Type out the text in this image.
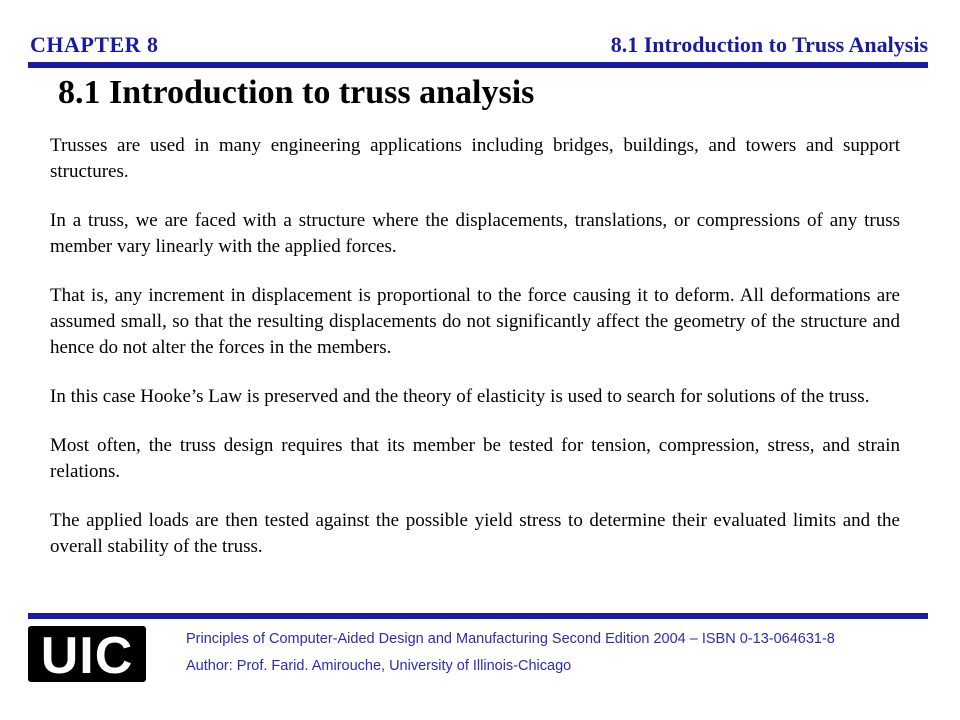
CHAPTER 8	8.1 Introduction to Truss Analysis
8.1 Introduction to truss analysis

Trusses are used in many engineering applications including bridges, buildings, and towers and support structures.

In a truss, we are faced with a structure where the displacements, translations, or compressions of any truss member vary linearly with the applied forces.

That is, any increment in displacement is proportional to the force causing it to deform. All deformations are assumed small, so that the resulting displacements do not significantly affect the geometry of the structure and hence do not alter the forces in the members.

In this case Hooke’s Law is preserved and the theory of elasticity is used to search for solutions of the truss.

Most often, the truss design requires that its member be tested for tension, compression, stress, and strain relations.

The applied loads are then tested against the possible yield stress to determine their evaluated limits and the overall stability of the truss.

UIC	Principles of Computer-Aided Design and Manufacturing Second Edition 2004 – ISBN 0-13-064631-8
Author: Prof. Farid. Amirouche, University of Illinois-Chicago
